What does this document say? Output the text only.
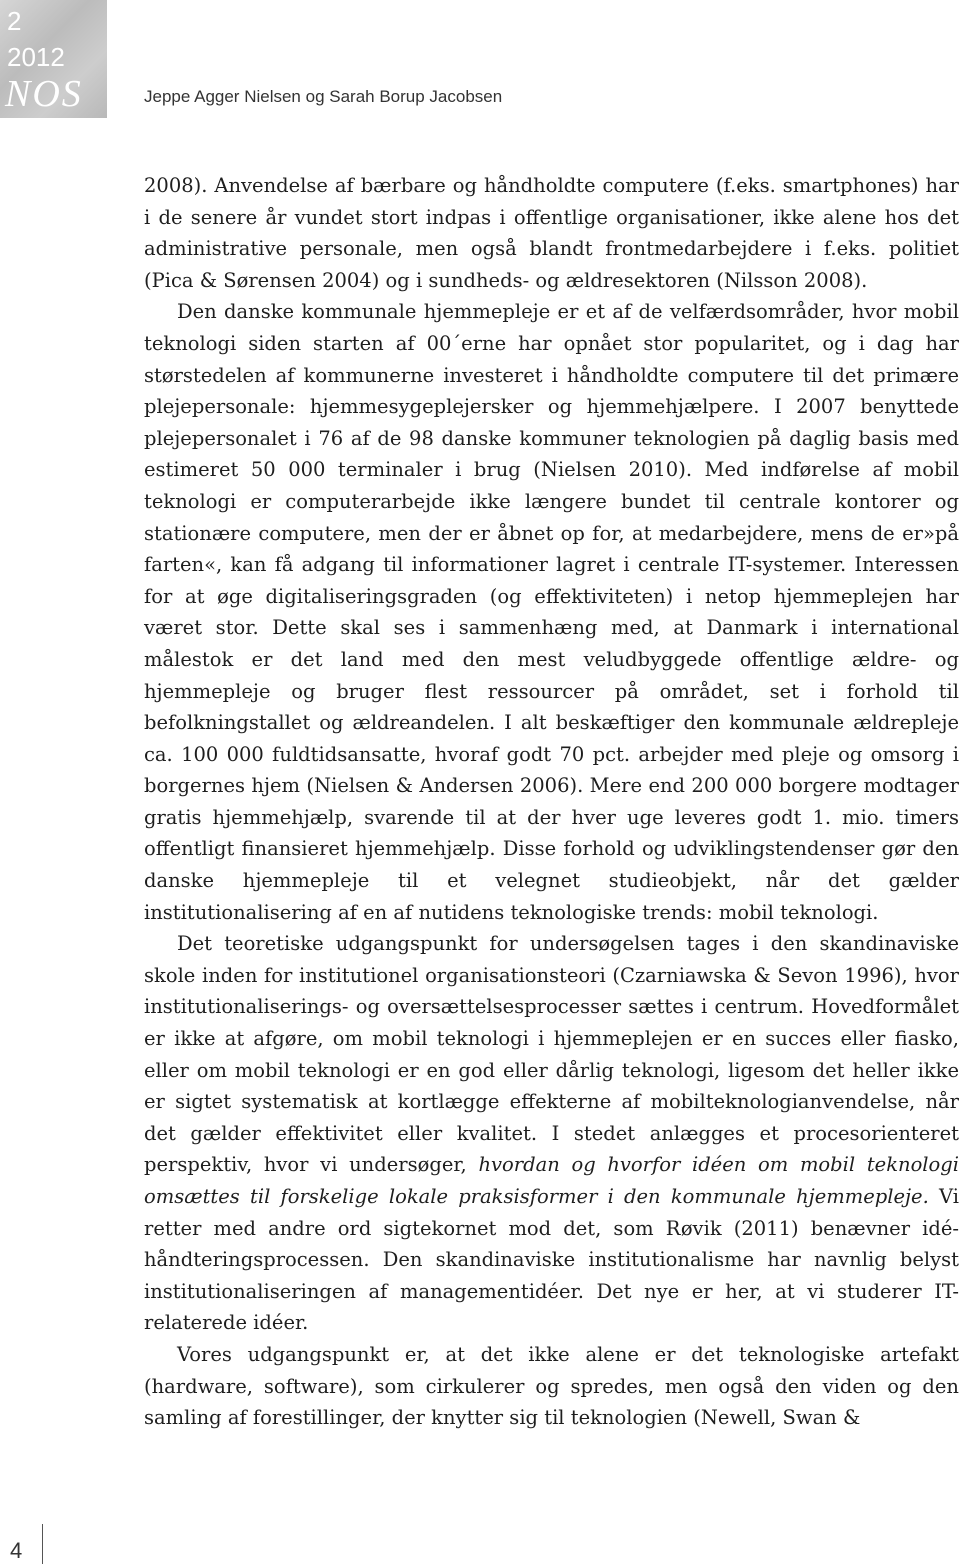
2
2012
NOS	Jeppe Agger Nielsen og Sarah Borup Jacobsen

2008). Anvendelse af bærbare og håndholdte computere (f.eks. smartphones) har i de senere år vundet stort indpas i offentlige organisationer, ikke alene hos det administrative personale, men også blandt frontmedarbejdere i f.eks. politiet (Pica & Sørensen 2004) og i sundheds- og ældresektoren (Nilsson 2008).

Den danske kommunale hjemmepleje er et af de velfærdsområder, hvor mobil teknologi siden starten af 00´erne har opnået stor popularitet, og i dag har størstedelen af kommunerne investeret i håndholdte computere til det primære plejepersonale: hjemmesygeplejersker og hjemmehjælpere. I 2007 benyttede plejepersonalet i 76 af de 98 danske kommuner teknologien på daglig basis med estimeret 50 000 terminaler i brug (Nielsen 2010). Med indførelse af mobil teknologi er computerarbejde ikke længere bundet til centrale kontorer og stationære computere, men der er åbnet op for, at medarbejdere, mens de er»på farten«, kan få adgang til informationer lagret i centrale IT-systemer. Interessen for at øge digitaliseringsgraden (og effektiviteten) i netop hjemmeplejen har været stor. Dette skal ses i sammenhæng med, at Danmark i international målestok er det land med den mest veludbyggede offentlige ældre- og hjemmepleje og bruger flest ressourcer på området, set i forhold til befolkningstallet og ældreandelen. I alt beskæftiger den kommunale ældrepleje ca. 100 000 fuldtidsansatte, hvoraf godt 70 pct. arbejder med pleje og omsorg i borgernes hjem (Nielsen & Andersen 2006). Mere end 200 000 borgere modtager gratis hjemmehjælp, svarende til at der hver uge leveres godt 1. mio. timers offentligt finansieret hjemmehjælp. Disse forhold og udviklingstendenser gør den danske hjemmepleje til et velegnet studieobjekt, når det gælder institutionalisering af en af nutidens teknologiske trends: mobil teknologi.

Det teoretiske udgangspunkt for undersøgelsen tages i den skandinaviske skole inden for institutionel organisationsteori (Czarniawska & Sevon 1996), hvor institutionaliserings- og oversættelsesprocesser sættes i centrum. Hovedformålet er ikke at afgøre, om mobil teknologi i hjemmeplejen er en succes eller fiasko, eller om mobil teknologi er en god eller dårlig teknologi, ligesom det heller ikke er sigtet systematisk at kortlægge effekterne af mobilteknologianvendelse, når det gælder effektivitet eller kvalitet. I stedet anlægges et procesorienteret perspektiv, hvor vi undersøger, hvordan og hvorfor idéen om mobil teknologi omsættes til forskelige lokale praksisformer i den kommunale hjemmepleje. Vi retter med andre ord sigtekornet mod det, som Røvik (2011) benævner idé-håndteringsprocessen. Den skandinaviske institutionalisme har navnlig belyst institutionaliseringen af managementidéer. Det nye er her, at vi studerer IT-relaterede idéer.

Vores udgangspunkt er, at det ikke alene er det teknologiske artefakt (hardware, software), som cirkulerer og spredes, men også den viden og den samling af forestillinger, der knytter sig til teknologien (Newell, Swan &

4
